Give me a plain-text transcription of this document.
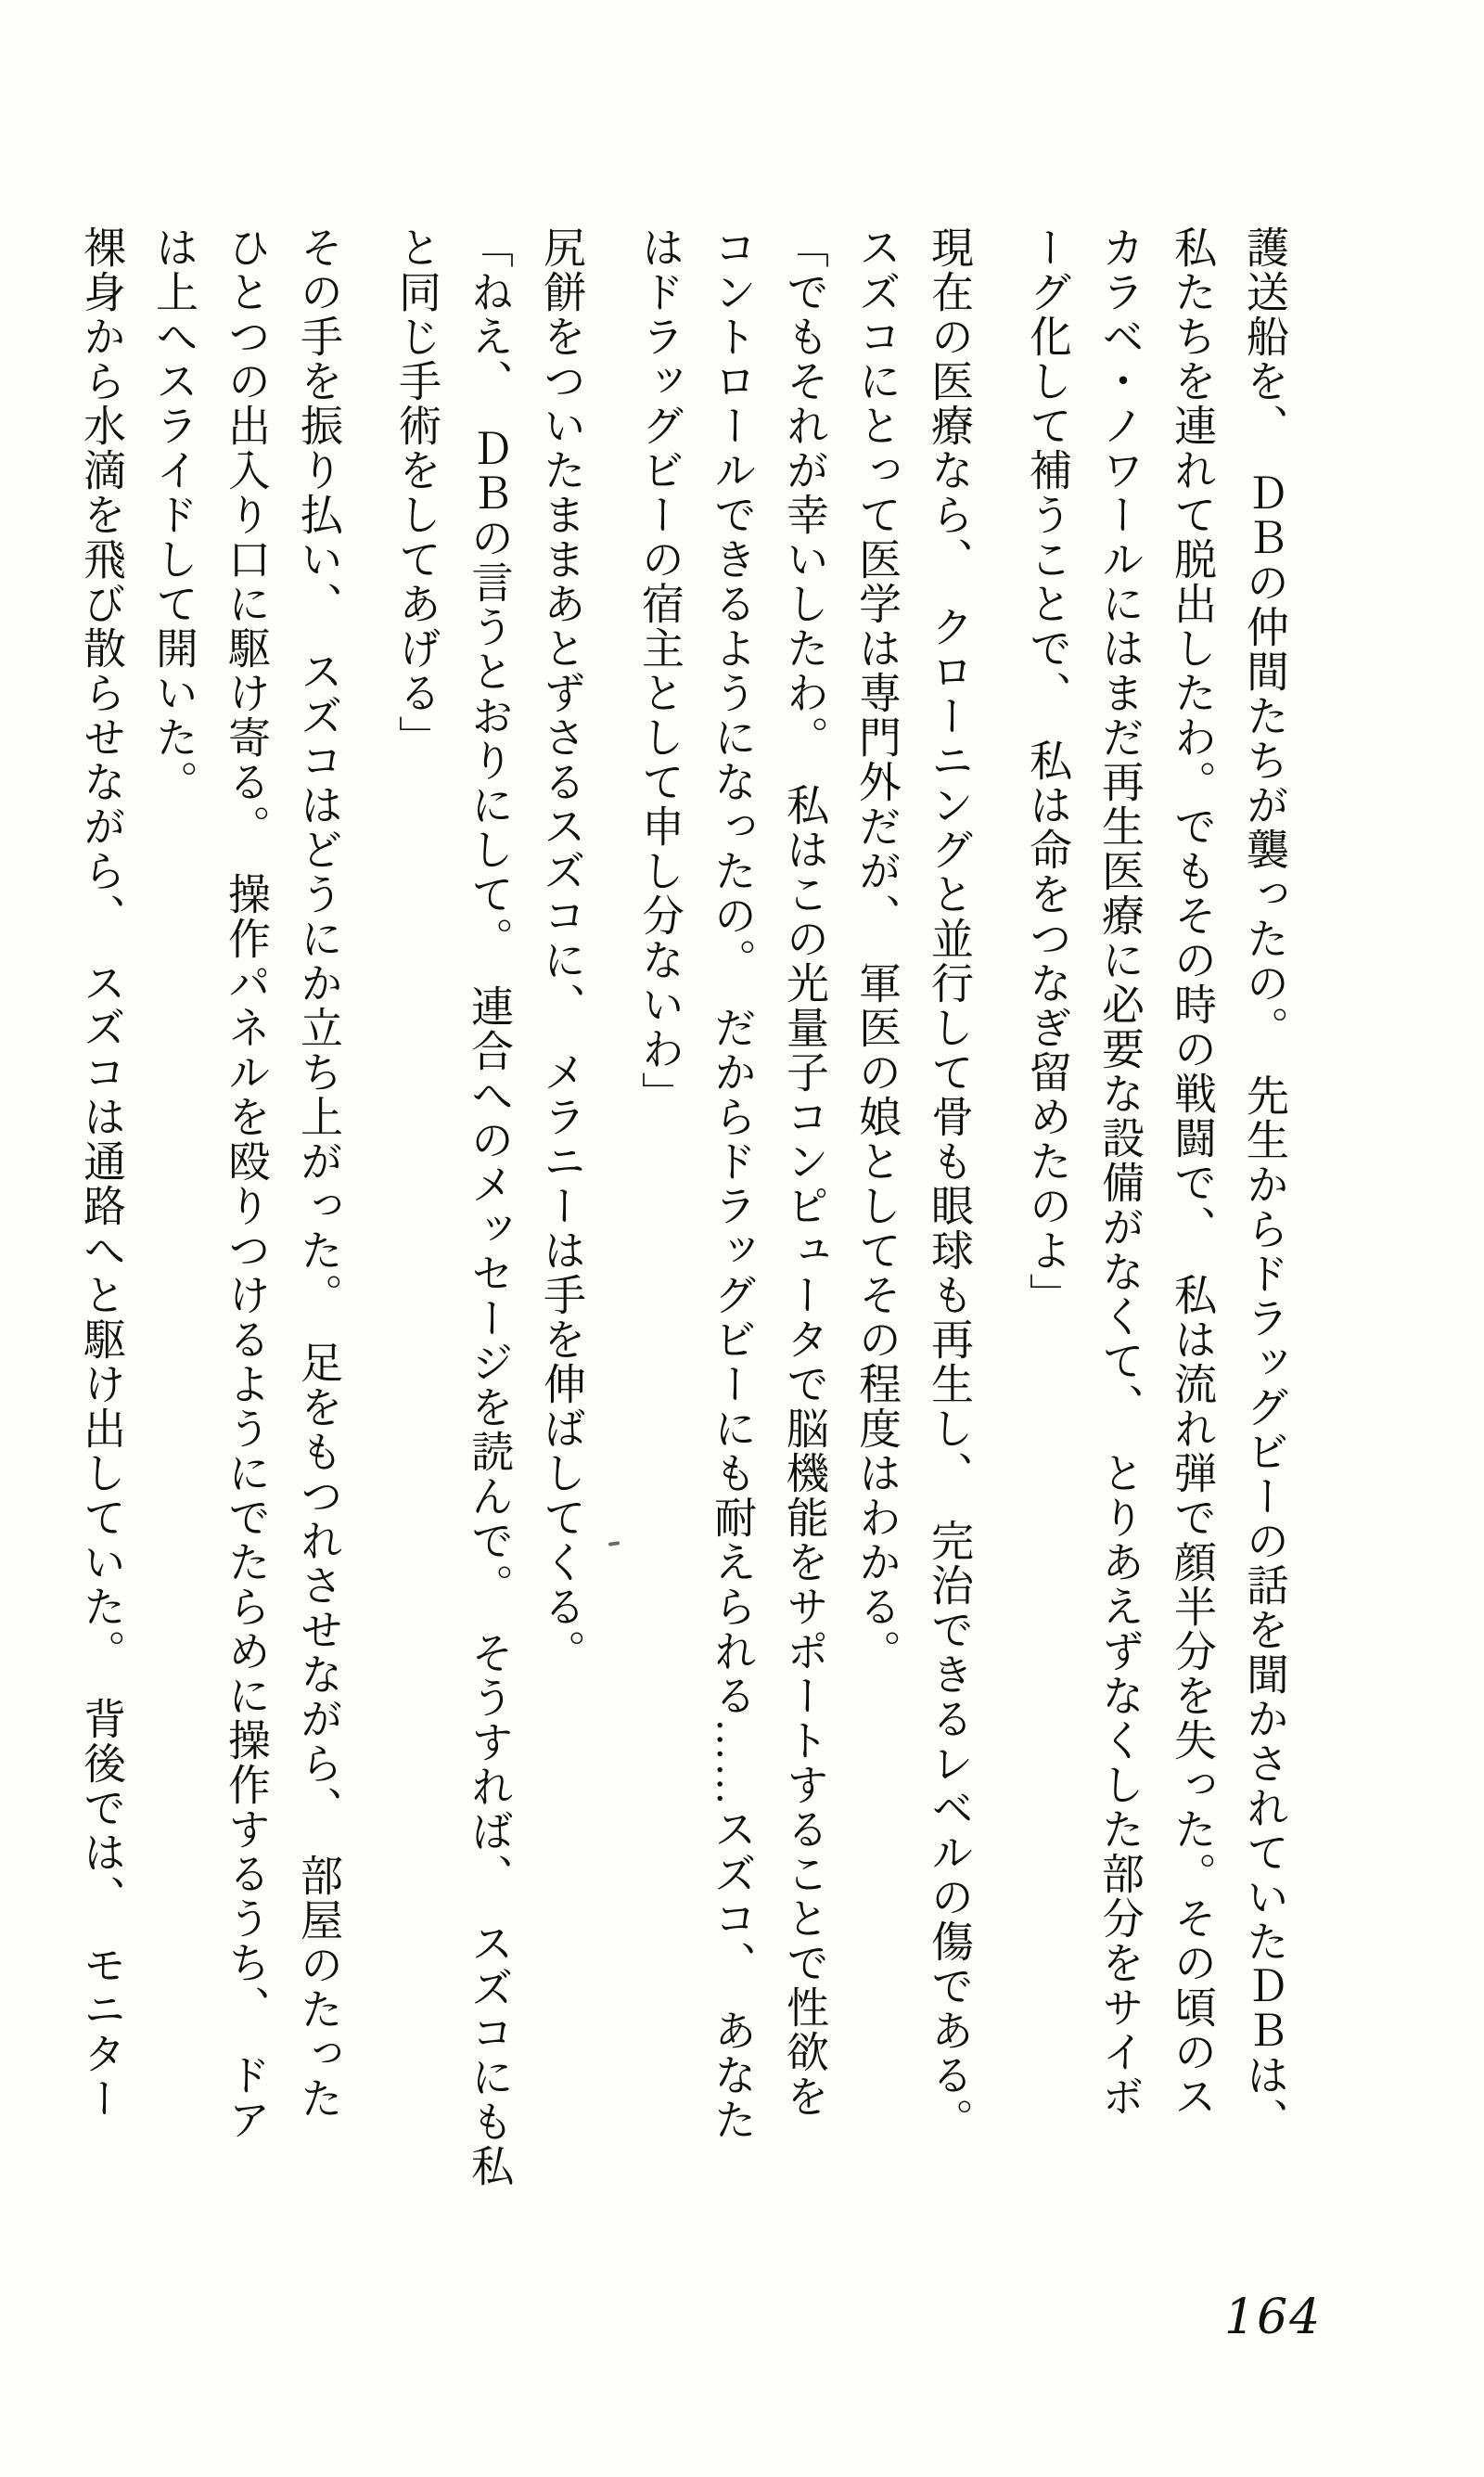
護送船を、　ＤＢの仲間たちが襲ったの。　先生からドラッグビーの話を聞かされていたＤＢは、

私たちを連れて脱出したわ。でもその時の戦闘で、　私は流れ弾で顔半分を失った。その頃のス

カラベ・ノワールにはまだ再生医療に必要な設備がなくて、　とりあえずなくした部分をサイボ

ーグ化して補うことで、　私は命をつなぎ留めたのよ」

現在の医療なら、　クローニングと並行して骨も眼球も再生し、　完治できるレベルの傷である。

スズコにとって医学は専門外だが、　軍医の娘としてその程度はわかる。

「でもそれが幸いしたわ。　私はこの光量子コンピュータで脳機能をサポートすることで性欲を

コントロールできるようになったの。　だからドラッグビーにも耐えられる……スズコ、　あなた

はドラッグビーの宿主として申し分ないわ」

尻餅をついたままあとずさるスズコに、　メラニーは手を伸ばしてくる。

「ねえ、　ＤＢの言うとおりにして。　連合へのメッセージを読んで。　そうすれば、　スズコにも私

と同じ手術をしてあげる」

その手を振り払い、　スズコはどうにか立ち上がった。　足をもつれさせながら、　部屋のたった

ひとつの出入り口に駆け寄る。　操作パネルを殴りつけるようにでたらめに操作するうち、　ドア

は上へスライドして開いた。

裸身から水滴を飛び散らせながら、　スズコは通路へと駆け出していた。　背後では、　モニター

164
